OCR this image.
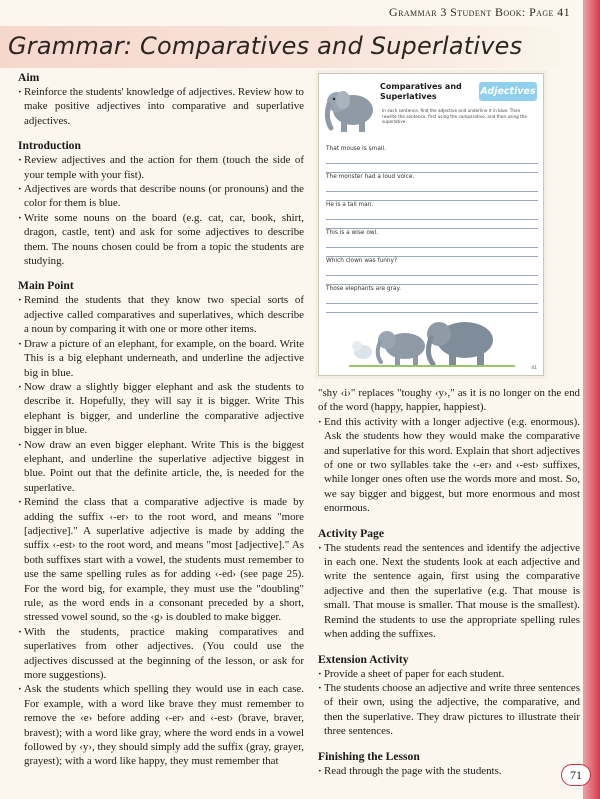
Grammar 3 Student Book: Page 41
Grammar: Comparatives and Superlatives
Aim

· Reinforce the students' knowledge of adjectives. Review how to make positive adjectives into comparative and superlative adjectives.

Introduction

· Review adjectives and the action for them (touch the side of your temple with your fist).

· Adjectives are words that describe nouns (or pronouns) and the color for them is blue.

· Write some nouns on the board (e.g. cat, car, book, shirt, dragon, castle, tent) and ask for some adjectives to describe them. The nouns chosen could be from a topic the students are studying.

Main Point

· Remind the students that they know two special sorts of adjective called comparatives and superlatives, which describe a noun by comparing it with one or more other items.

· Draw a picture of an elephant, for example, on the board. Write This is a big elephant underneath, and underline the adjective big in blue.

· Now draw a slightly bigger elephant and ask the students to describe it. Hopefully, they will say it is bigger. Write This elephant is bigger, and underline the comparative adjective bigger in blue.

· Now draw an even bigger elephant. Write This is the biggest elephant, and underline the superlative adjective biggest in blue. Point out that the definite article, the, is needed for the superlative.

· Remind the class that a comparative adjective is made by adding the suffix ‹-er› to the root word, and means "more [adjective]." A superlative adjective is made by adding the suffix ‹-est› to the root word, and means "most [adjective]." As both suffixes start with a vowel, the students must remember to use the same spelling rules as for adding ‹-ed› (see page 25). For the word big, for example, they must use the "doubling" rule, as the word ends in a consonant preceded by a short, stressed vowel sound, so the ‹g› is doubled to make bigger.

· With the students, practice making comparatives and superlatives from other adjectives. (You could use the adjectives discussed at the beginning of the lesson, or ask for more suggestions).

· Ask the students which spelling they would use in each case. For example, with a word like brave they must remember to remove the ‹e› before adding ‹-er› and ‹-est› (brave, braver, bravest); with a word like gray, where the word ends in a vowel followed by ‹y›, they should simply add the suffix (gray, grayer, grayest); with a word like happy, they must remember that

Comparatives and
Superlatives	Adjectives
In each sentence, find the adjective and underline it in blue. Then rewrite the sentence, first using the comparative, and then using the superlative.
That mouse is small.
The monster had a loud voice.
He is a tall man.
This is a wise owl.
Which clown was funny?
Those elephants are gray.
41

"shy ‹i›" replaces "toughy ‹y›," as it is no longer on the end of the word (happy, happier, happiest).

· End this activity with a longer adjective (e.g. enormous). Ask the students how they would make the comparative and superlative for this word. Explain that short adjectives of one or two syllables take the ‹-er› and ‹-est› suffixes, while longer ones often use the words more and most. So, we say bigger and biggest, but more enormous and most enormous.

Activity Page

· The students read the sentences and identify the adjective in each one. Next the students look at each adjective and write the sentence again, first using the comparative adjective and then the superlative (e.g. That mouse is small. That mouse is smaller. That mouse is the smallest). Remind the students to use the appropriate spelling rules when adding the suffixes.

Extension Activity

· Provide a sheet of paper for each student.

· The students choose an adjective and write three sentences of their own, using the adjective, the comparative, and then the superlative. They draw pictures to illustrate their three sentences.

Finishing the Lesson

· Read through the page with the students.	71
